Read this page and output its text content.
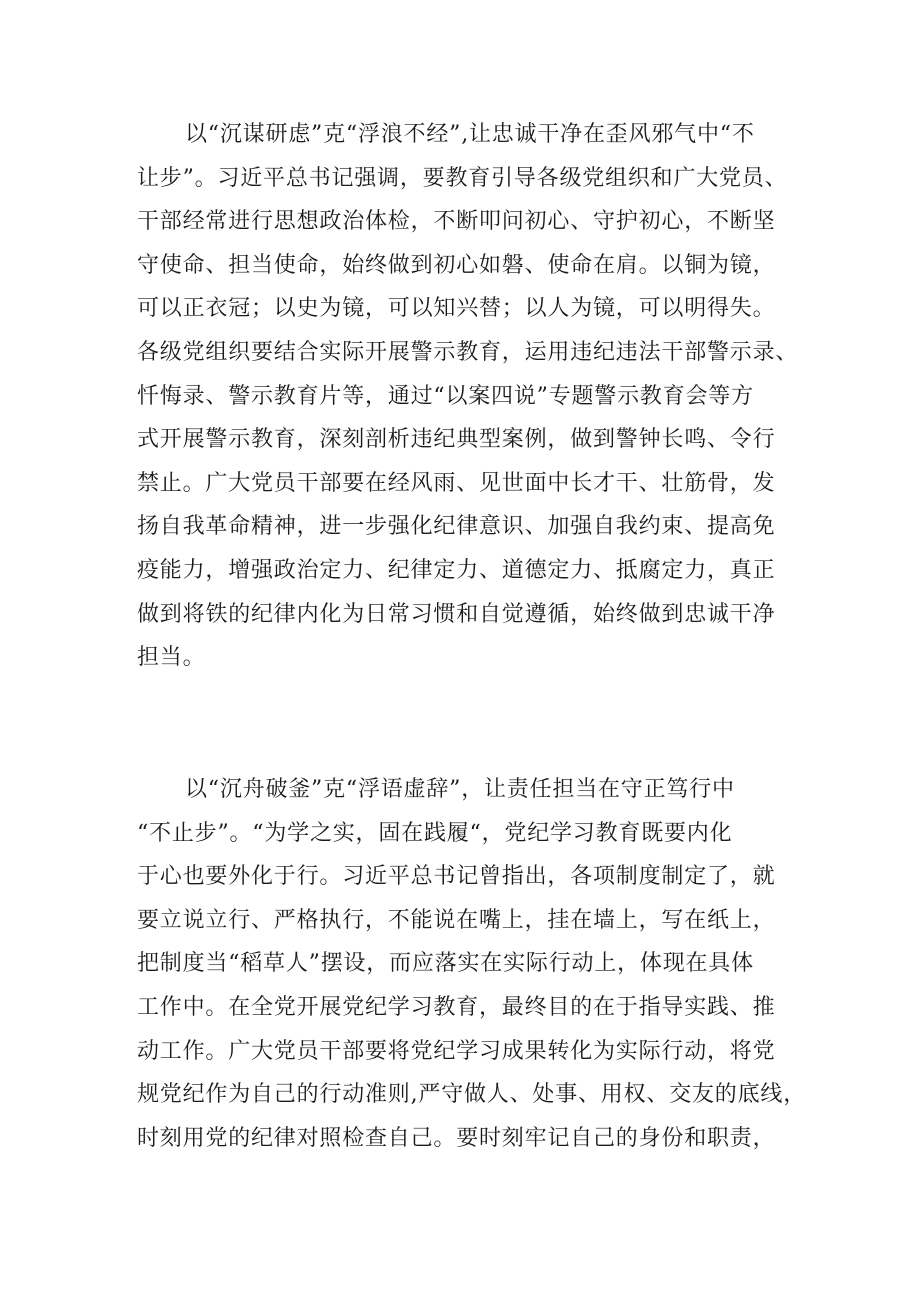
以“沉谋研虑”克“浮浪不经”,让忠诚干净在歪风邪气中“不
让步”。习近平总书记强调，要教育引导各级党组织和广大党员、
干部经常进行思想政治体检，不断叩问初心、守护初心，不断坚
守使命、担当使命，始终做到初心如磐、使命在肩。以铜为镜，
可以正衣冠；以史为镜，可以知兴替；以人为镜，可以明得失。
各级党组织要结合实际开展警示教育，运用违纪违法干部警示录、
忏悔录、警示教育片等，通过“以案四说”专题警示教育会等方
式开展警示教育，深刻剖析违纪典型案例，做到警钟长鸣、令行
禁止。广大党员干部要在经风雨、见世面中长才干、壮筋骨，发
扬自我革命精神，进一步强化纪律意识、加强自我约束、提高免
疫能力，增强政治定力、纪律定力、道德定力、抵腐定力，真正
做到将铁的纪律内化为日常习惯和自觉遵循，始终做到忠诚干净
担当。
以“沉舟破釜”克“浮语虚辞”，让责任担当在守正笃行中
“不止步”。“为学之实，固在践履“，党纪学习教育既要内化
于心也要外化于行。习近平总书记曾指出，各项制度制定了，就
要立说立行、严格执行，不能说在嘴上，挂在墙上，写在纸上，
把制度当“稻草人”摆设，而应落实在实际行动上，体现在具体
工作中。在全党开展党纪学习教育，最终目的在于指导实践、推
动工作。广大党员干部要将党纪学习成果转化为实际行动，将党
规党纪作为自己的行动准则,严守做人、处事、用权、交友的底线，
时刻用党的纪律对照检查自己。要时刻牢记自己的身份和职责，
